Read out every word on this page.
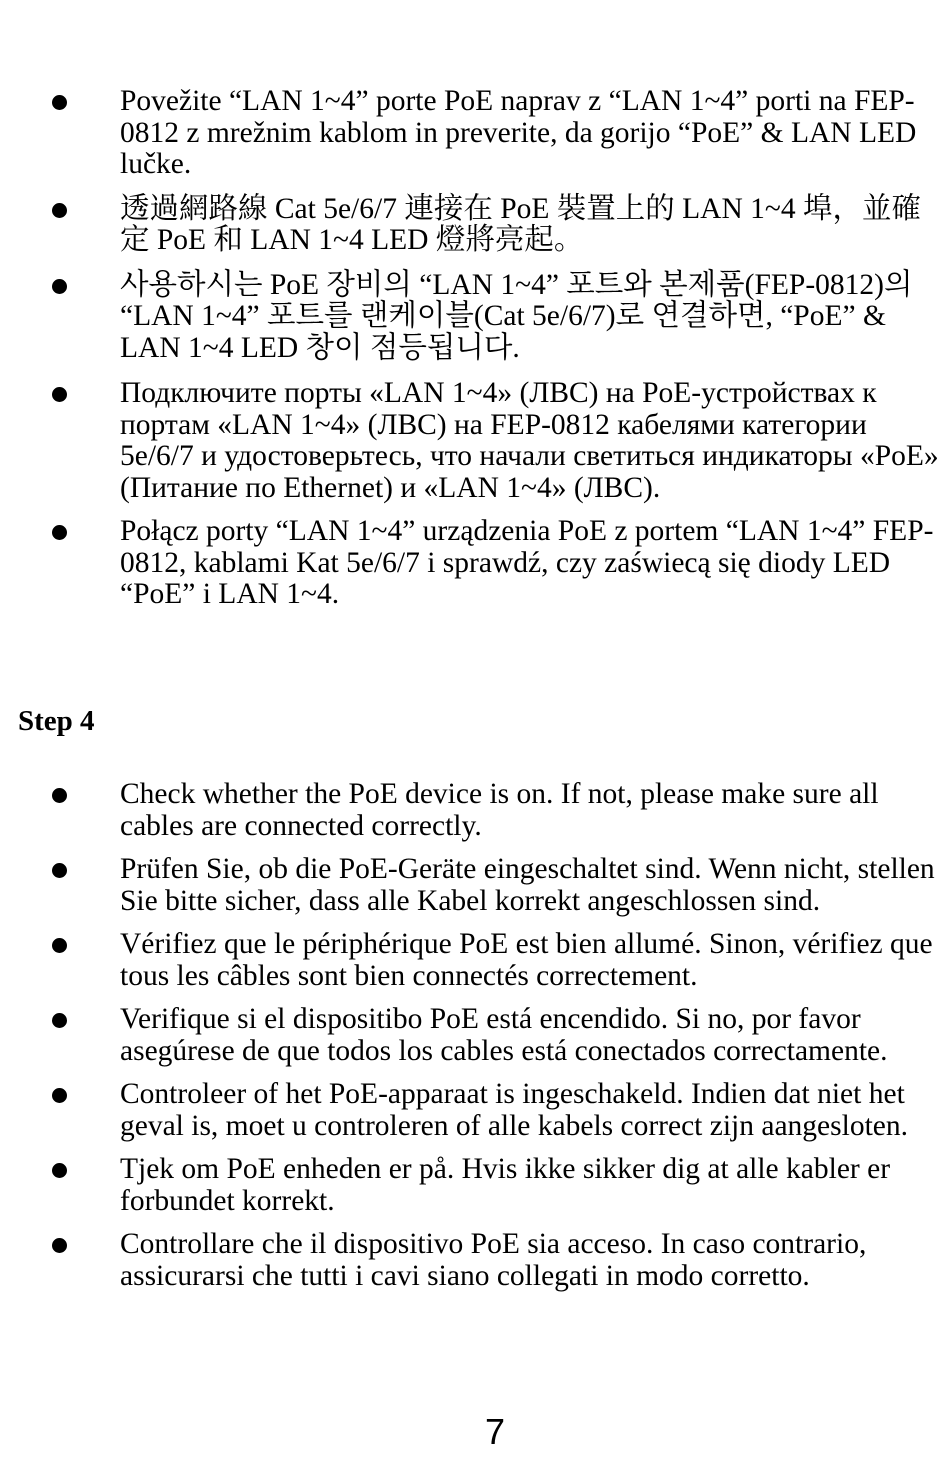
Povežite “LAN 1~4” porte PoE naprav z “LAN 1~4” porti na FEP-0812 z mrežnim kablom in preverite, da gorijo “PoE” & LAN LED lučke.
透過網路線 Cat 5e/6/7 連接在 PoE 裝置上的 LAN 1~4 埠，並確定 PoE 和 LAN 1~4 LED 燈將亮起。
사용하시는 PoE 장비의 “LAN 1~4” 포트와 본제품(FEP-0812)의 “LAN 1~4” 포트를 랜케이블(Cat 5e/6/7)로 연결하면, “PoE” & LAN 1~4 LED 창이 점등됩니다.
Подключите порты «LAN 1~4» (ЛВС) на PoE-устройствах к портам «LAN 1~4» (ЛВС) на FEP-0812 кабелями категории 5e/6/7 и удостоверьтесь, что начали светиться индикаторы «PoE» (Питание по Ethernet) и «LAN 1~4» (ЛВС).
Połącz porty “LAN 1~4” urządzenia PoE z portem “LAN 1~4” FEP-0812, kablami Kat 5e/6/7 i sprawdź, czy zaświecą się diody LED “PoE” i LAN 1~4.
Step 4
Check whether the PoE device is on. If not, please make sure all cables are connected correctly.
Prüfen Sie, ob die PoE-Geräte eingeschaltet sind. Wenn nicht, stellen Sie bitte sicher, dass alle Kabel korrekt angeschlossen sind.
Vérifiez que le périphérique PoE est bien allumé. Sinon, vérifiez que tous les câbles sont bien connectés correctement.
Verifique si el dispositibo PoE está encendido. Si no, por favor asegúrese de que todos los cables está conectados correctamente.
Controleer of het PoE-apparaat is ingeschakeld. Indien dat niet het geval is, moet u controleren of alle kabels correct zijn aangesloten.
Tjek om PoE enheden er på. Hvis ikke sikker dig at alle kabler er forbundet korrekt.
Controllare che il dispositivo PoE sia acceso. In caso contrario, assicurarsi che tutti i cavi siano collegati in modo corretto.
7
